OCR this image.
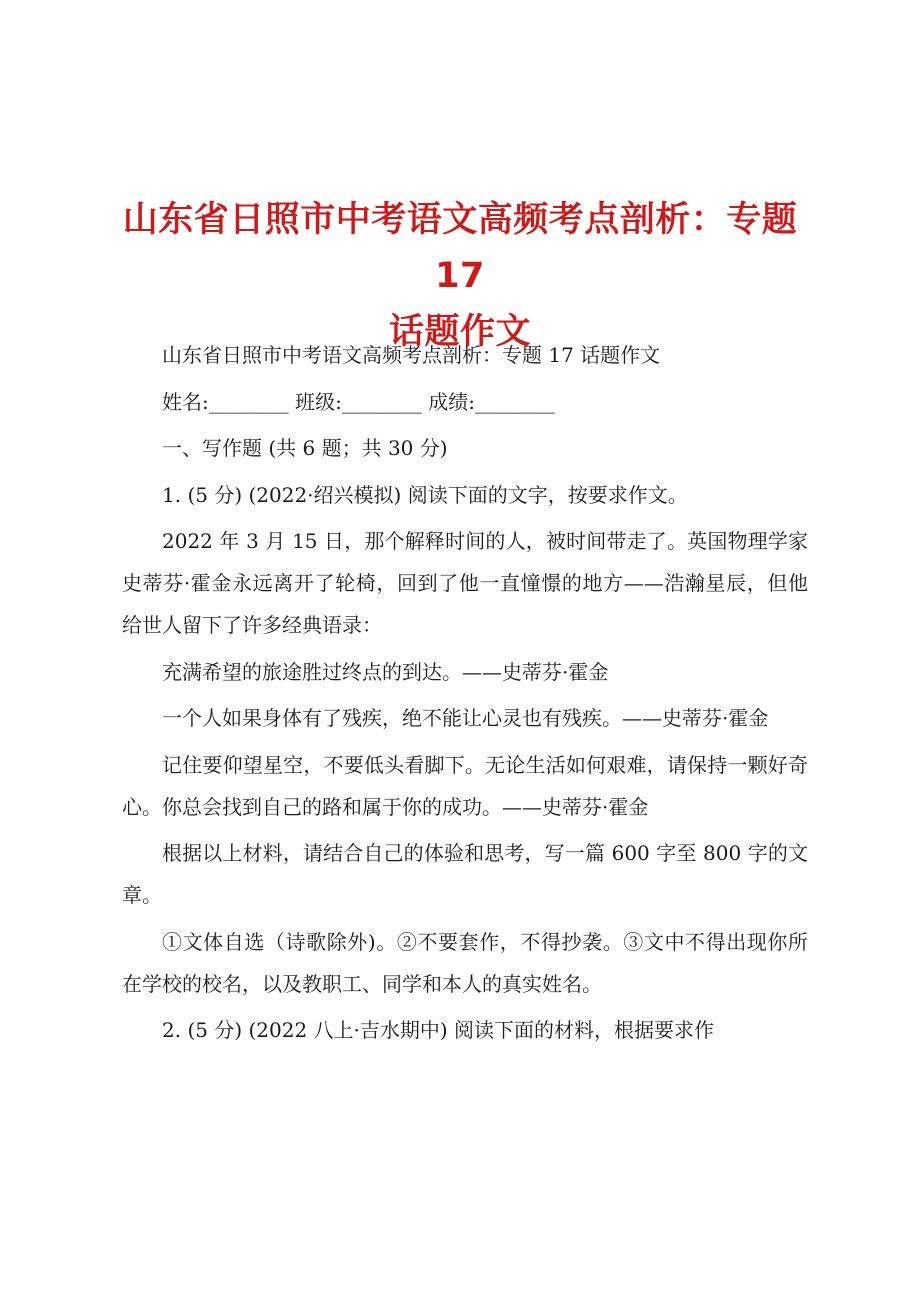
山东省日照市中考语文高频考点剖析：专题 17
话题作文

山东省日照市中考语文高频考点剖析：专题 17 话题作文

姓名:________ 班级:________ 成绩:________

一、写作题 (共 6 题；共 30 分)

1. (5 分) (2022·绍兴模拟) 阅读下面的文字，按要求作文。

2022 年 3 月 15 日，那个解释时间的人，被时间带走了。英国物理学家史蒂芬·霍金永远离开了轮椅，回到了他一直憧憬的地方——浩瀚星辰，但他给世人留下了许多经典语录：

充满希望的旅途胜过终点的到达。——史蒂芬·霍金

一个人如果身体有了残疾，绝不能让心灵也有残疾。——史蒂芬·霍金

记住要仰望星空，不要低头看脚下。无论生活如何艰难，请保持一颗好奇心。你总会找到自己的路和属于你的成功。——史蒂芬·霍金

根据以上材料，请结合自己的体验和思考，写一篇 600 字至 800 字的文章。

①文体自选（诗歌除外)。②不要套作，不得抄袭。③文中不得出现你所在学校的校名，以及教职工、同学和本人的真实姓名。

2. (5 分) (2022 八上·吉水期中) 阅读下面的材料，根据要求作
